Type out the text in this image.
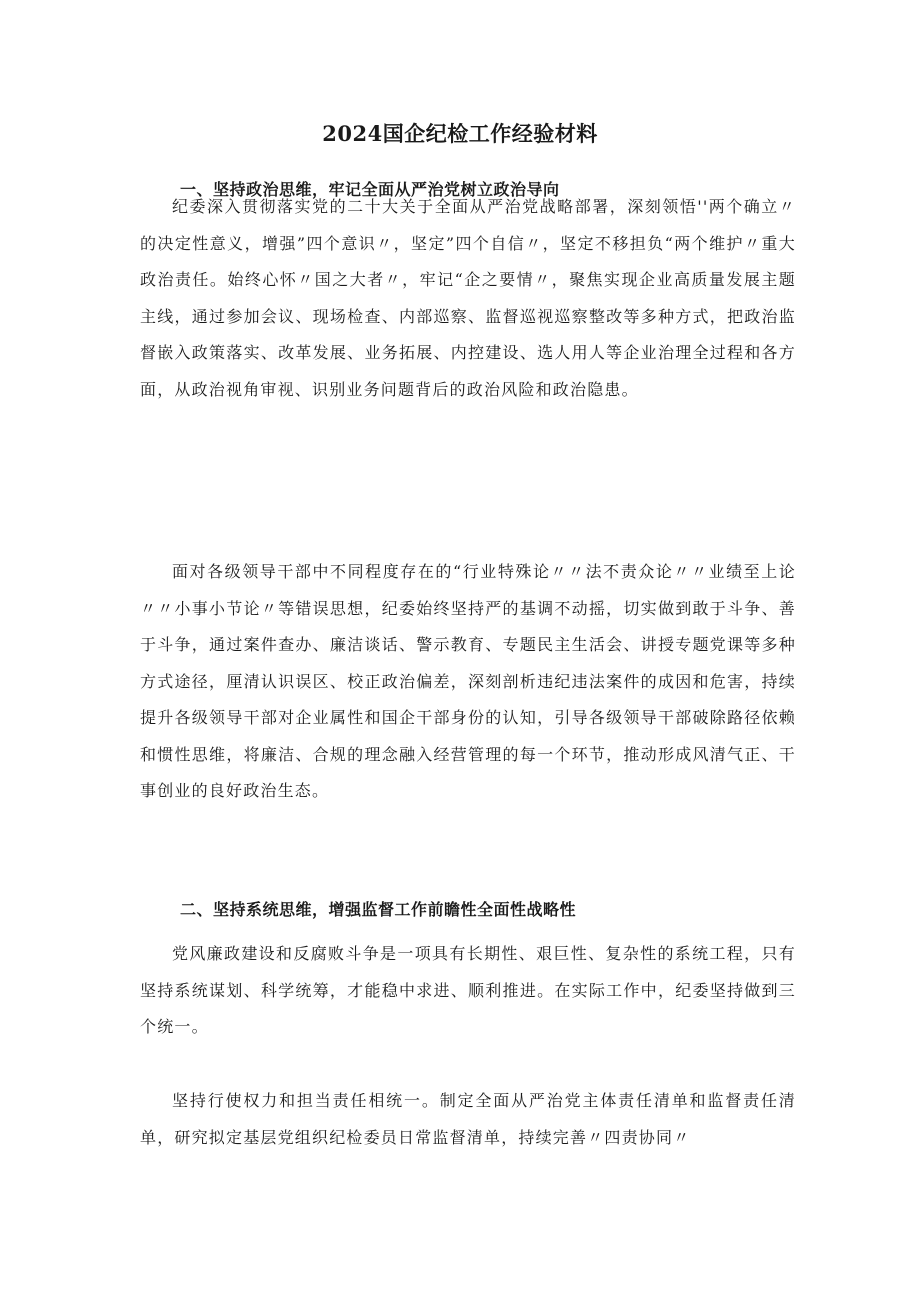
2024国企纪检工作经验材料
一、坚持政治思维，牢记全面从严治党树立政治导向

纪委深入贯彻落实党的二十大关于全面从严治党战略部署，深刻领悟''两个确立〃的决定性意义，增强”四个意识〃，坚定”四个自信〃，坚定不移担负“两个维护〃重大政治责任。始终心怀〃国之大者〃，牢记“企之要情〃，聚焦实现企业高质量发展主题主线，通过参加会议、现场检查、内部巡察、监督巡视巡察整改等多种方式，把政治监督嵌入政策落实、改革发展、业务拓展、内控建设、选人用人等企业治理全过程和各方面，从政治视角审视、识别业务问题背后的政治风险和政治隐患。

面对各级领导干部中不同程度存在的“行业特殊论〃〃法不责众论〃〃业绩至上论〃〃小事小节论〃等错误思想，纪委始终坚持严的基调不动摇，切实做到敢于斗争、善于斗争，通过案件查办、廉洁谈话、警示教育、专题民主生活会、讲授专题党课等多种方式途径，厘清认识误区、校正政治偏差，深刻剖析违纪违法案件的成因和危害，持续提升各级领导干部对企业属性和国企干部身份的认知，引导各级领导干部破除路径依赖和惯性思维，将廉洁、合规的理念融入经营管理的每一个环节，推动形成风清气正、干事创业的良好政治生态。

二、坚持系统思维，增强监督工作前瞻性全面性战略性

党风廉政建设和反腐败斗争是一项具有长期性、艰巨性、复杂性的系统工程，只有坚持系统谋划、科学统筹，才能稳中求进、顺利推进。在实际工作中，纪委坚持做到三个统一。

坚持行使权力和担当责任相统一。制定全面从严治党主体责任清单和监督责任清单，研究拟定基层党组织纪检委员日常监督清单，持续完善〃四责协同〃
